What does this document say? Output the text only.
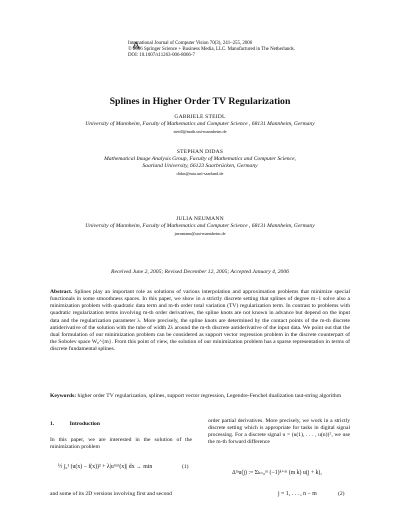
International Journal of Computer Vision 70(3), 241–255, 2006
© 2006 Springer Science + Business Media, LLC. Manufactured in The Netherlands.
DOI: 10.1007/s11263-006-8066-7
Splines in Higher Order TV Regularization
GABRIELE STEIDL
University of Mannheim, Faculty of Mathematics and Computer Science , 68131 Mannheim, Germany
steidl@math.uni-mannheim.de
STEPHAN DIDAS
Mathematical Image Analysis Group, Faculty of Mathematics and Computer Science,
Saarland University, 66123 Saarbrücken, Germany
didas@mia.uni-saarland.de
JULIA NEUMANN
University of Mannheim, Faculty of Mathematics and Computer Science , 68131 Mannheim, Germany
jneumann@uni-mannheim.de
Received June 2, 2005; Revised December 12, 2005; Accepted January 4, 2006
Abstract. Splines play an important role as solutions of various interpolation and approximation problems that minimize special functionals in some smoothness spaces. In this paper, we show in a strictly discrete setting that splines of degree m−1 solve also a minimization problem with quadratic data term and m-th order total variation (TV) regularization term. In contrast to problems with quadratic regularization terms involving m-th order derivatives, the spline knots are not known in advance but depend on the input data and the regularization parameter λ. More precisely, the spline knots are determined by the contact points of the m-th discrete antiderivative of the solution with the tube of width 2λ around the m-th discrete antiderivative of the input data. We point out that the dual formulation of our minimization problem can be considered as support vector regression problem in the discrete counterpart of the Sobolev space W₀^{m}. From this point of view, the solution of our minimization problem has a sparse representation in terms of discrete fundamental splines.
Keywords: higher order TV regularization, splines, support vector regression, Legendre-Fenchel dualization taut-string algorithm
1.	Introduction
In this paper, we are interested in the solution of the minimization problem
½ ∫₀¹ (u(x) − f(x))² + λ|u⁽ᵐ⁾(x)| dx → min	(1)
and some of its 2D versions involving first and second
order partial derivatives. More precisely, we work in a strictly discrete setting which is appropriate for tasks in digital signal processing. For a discrete signal u = (u(1), . . . , u(n))ᵀ, we use the m-th forward difference
Δᵐu(j) := Σₖ₌₀ᵐ (−1)ᵏ⁺ᵐ (m k) u(j + k),
j = 1, . . . , n − m	(2)
